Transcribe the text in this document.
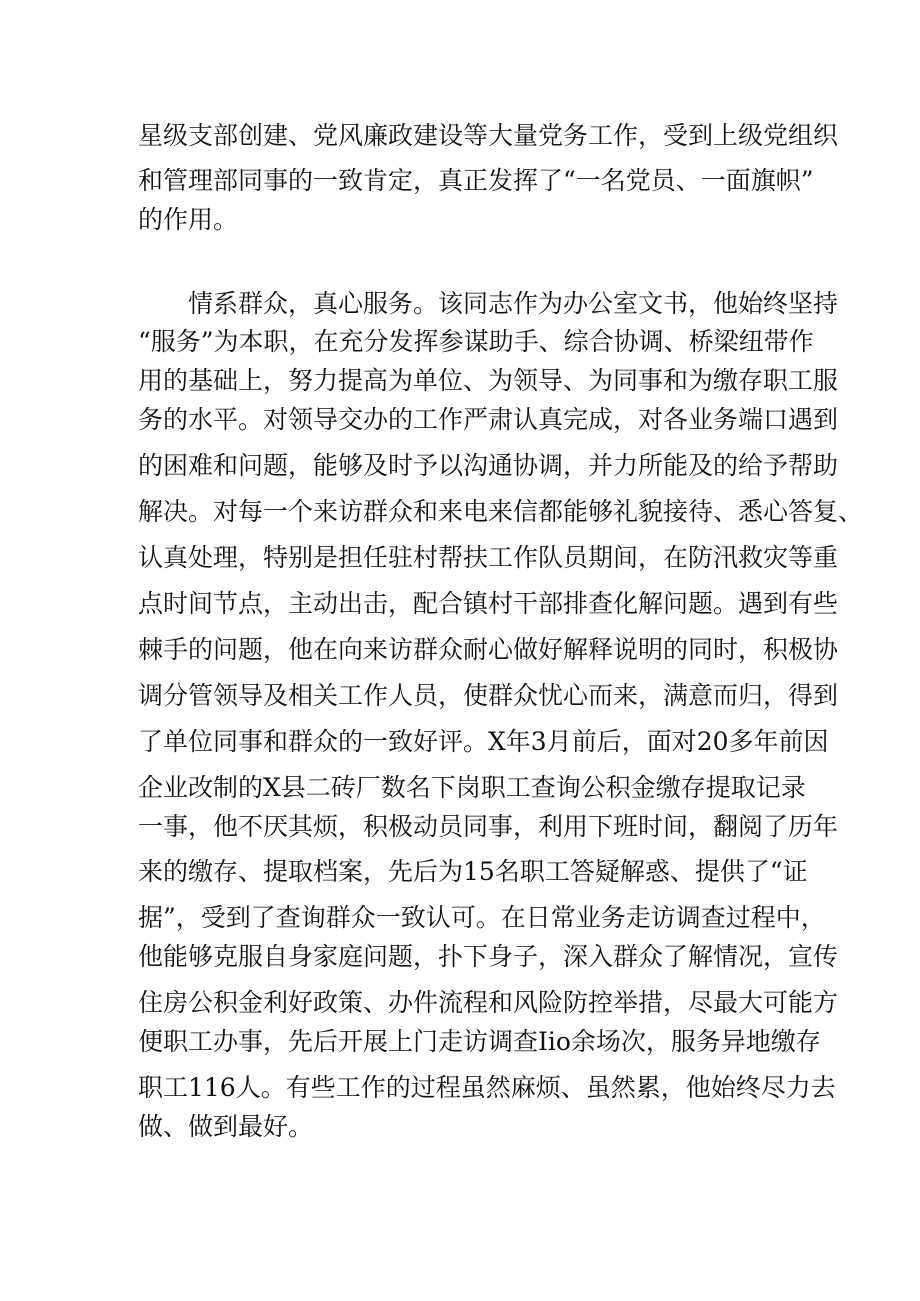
星级支部创建、党风廉政建设等大量党务工作，受到上级党组织
和管理部同事的一致肯定，真正发挥了“一名党员、一面旗帜”
的作用。
情系群众，真心服务。该同志作为办公室文书，他始终坚持
“服务”为本职，在充分发挥参谋助手、综合协调、桥梁纽带作
用的基础上，努力提高为单位、为领导、为同事和为缴存职工服
务的水平。对领导交办的工作严肃认真完成，对各业务端口遇到
的困难和问题，能够及时予以沟通协调，并力所能及的给予帮助
解决。对每一个来访群众和来电来信都能够礼貌接待、悉心答复、
认真处理，特别是担任驻村帮扶工作队员期间，在防汛救灾等重
点时间节点，主动出击，配合镇村干部排查化解问题。遇到有些
棘手的问题，他在向来访群众耐心做好解释说明的同时，积极协
调分管领导及相关工作人员，使群众忧心而来，满意而归，得到
了单位同事和群众的一致好评。X年3月前后，面对20多年前因
企业改制的X县二砖厂数名下岗职工查询公积金缴存提取记录
一事，他不厌其烦，积极动员同事，利用下班时间，翻阅了历年
来的缴存、提取档案，先后为15名职工答疑解惑、提供了“证
据”，受到了查询群众一致认可。在日常业务走访调查过程中，
他能够克服自身家庭问题，扑下身子，深入群众了解情况，宣传
住房公积金利好政策、办件流程和风险防控举措，尽最大可能方
便职工办事，先后开展上门走访调查Iio余场次，服务异地缴存
职工116人。有些工作的过程虽然麻烦、虽然累，他始终尽力去
做、做到最好。
